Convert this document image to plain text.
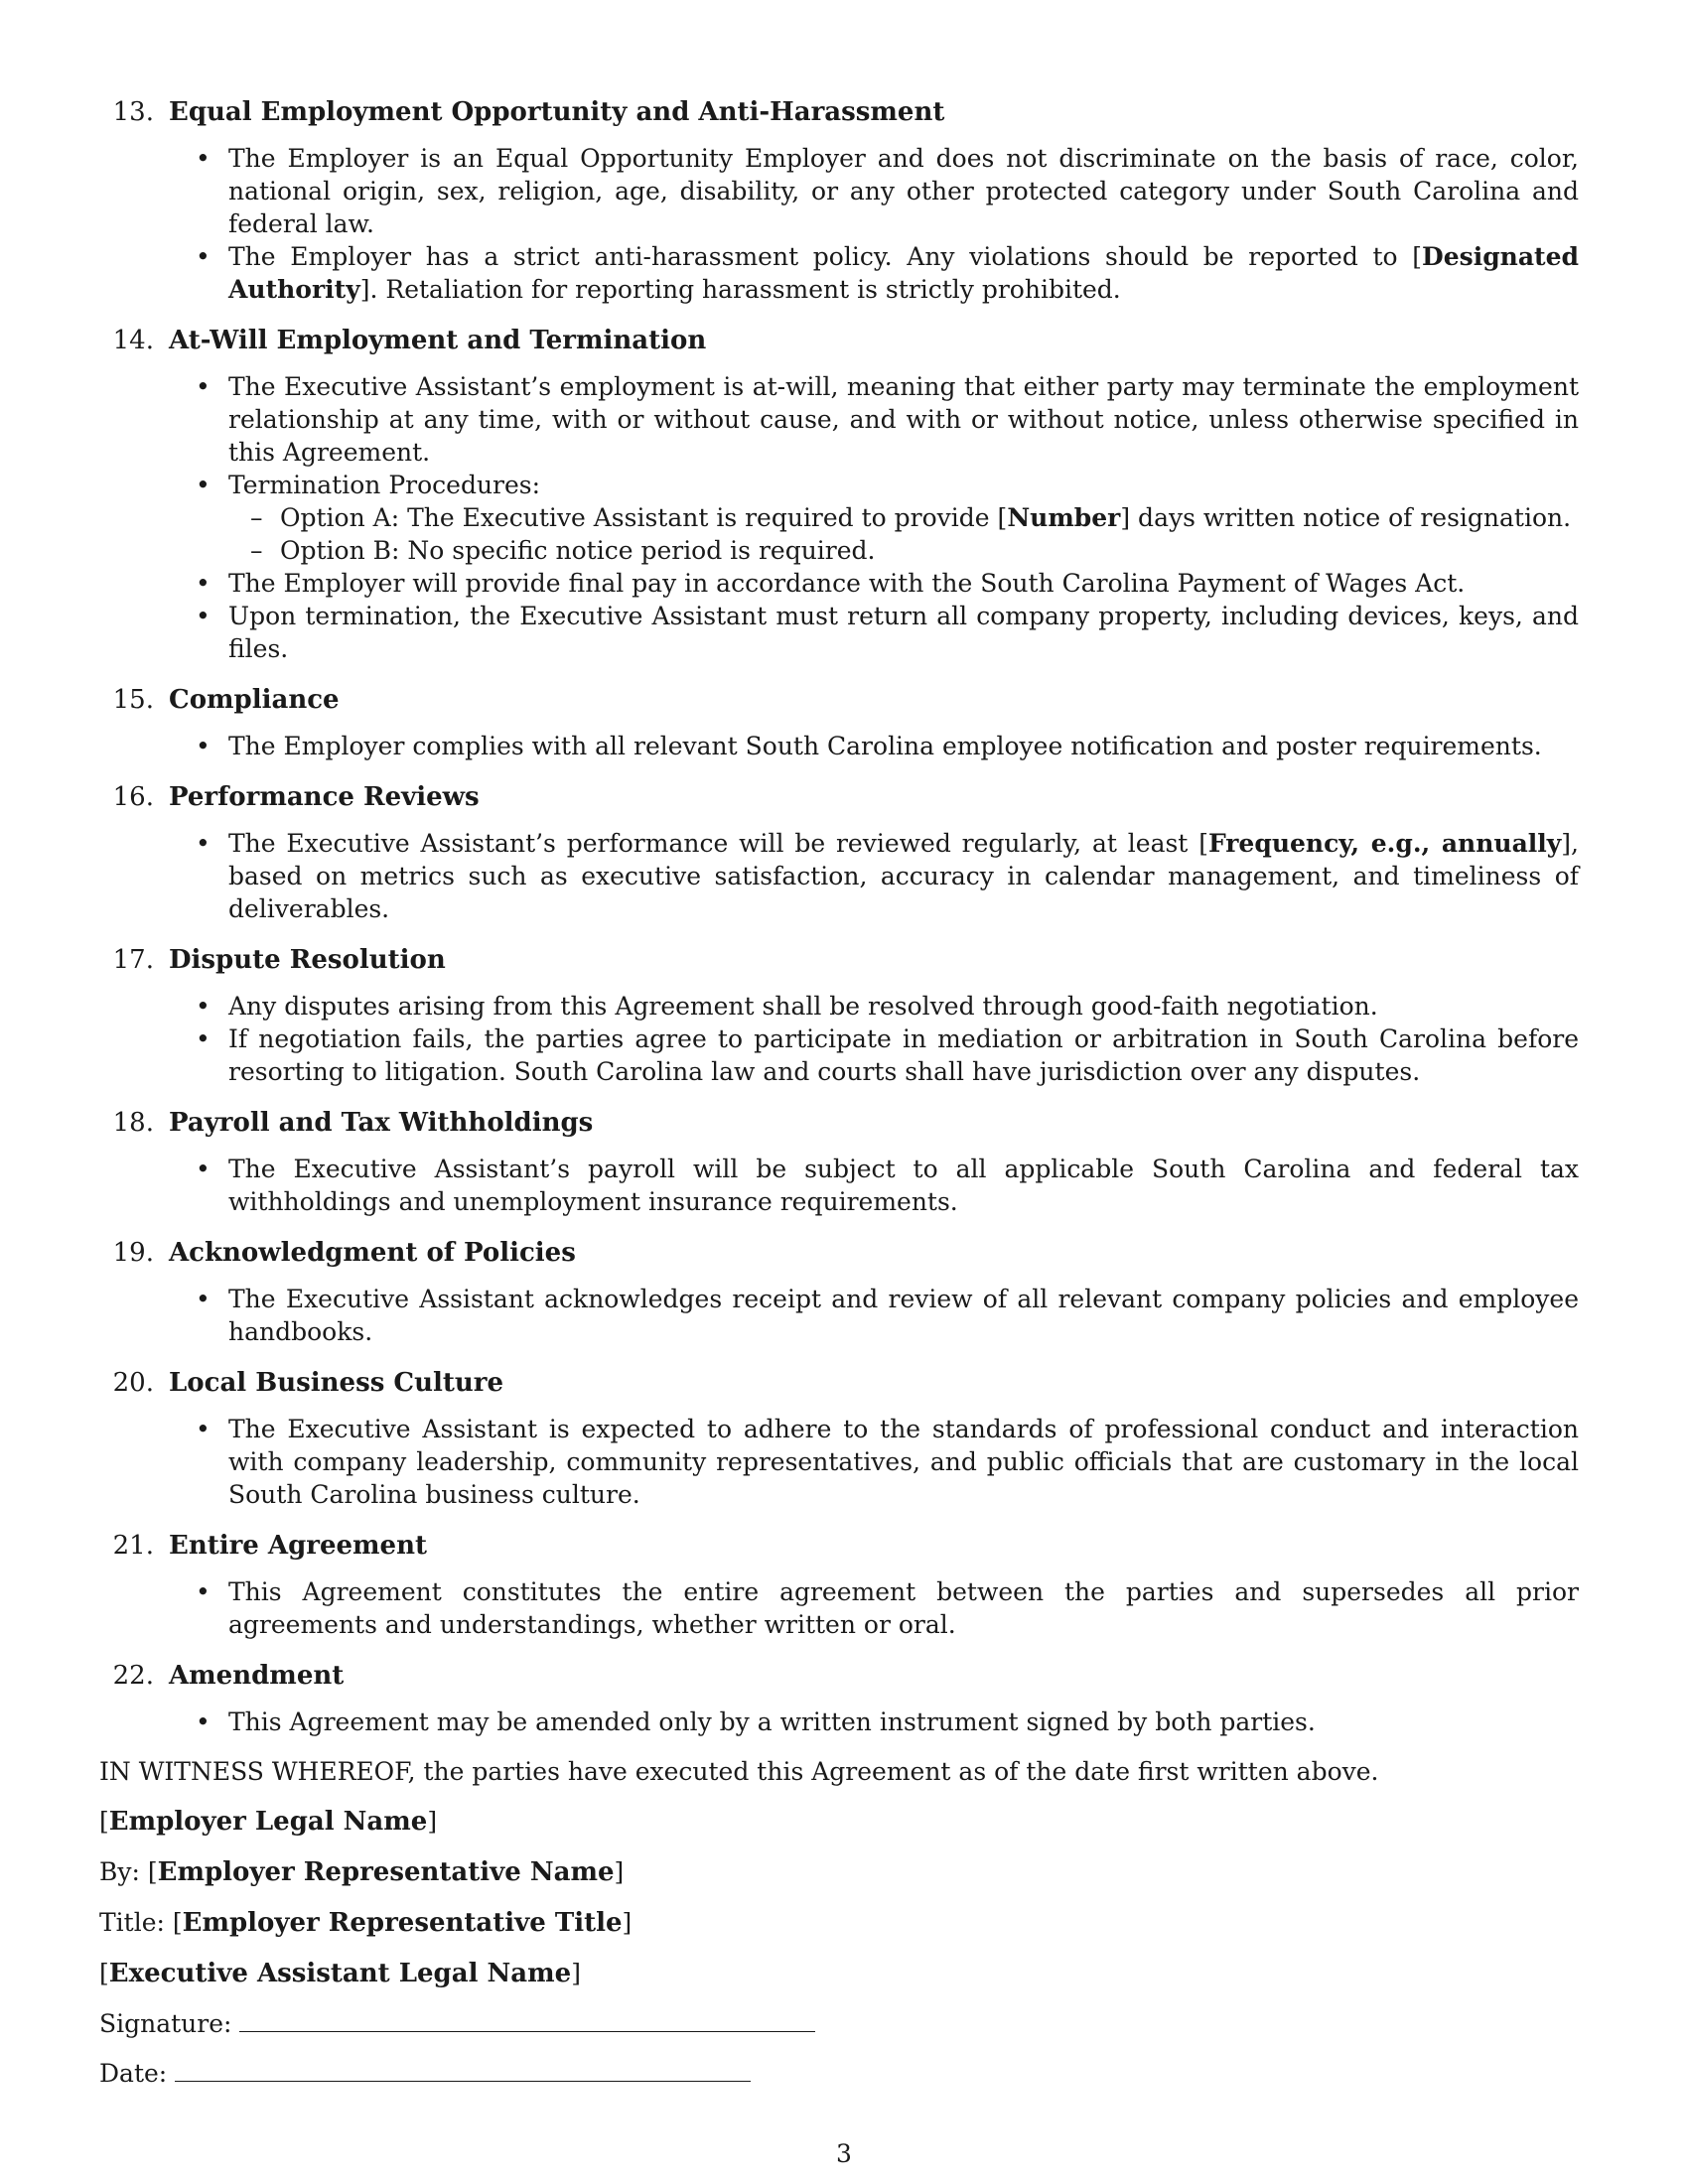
13. Equal Employment Opportunity and Anti-Harassment
• The Employer is an Equal Opportunity Employer and does not discriminate on the basis of race, color, national origin, sex, religion, age, disability, or any other protected category under South Carolina and federal law.
• The Employer has a strict anti-harassment policy. Any violations should be reported to [Designated Authority]. Retaliation for reporting harassment is strictly prohibited.
14. At-Will Employment and Termination
• The Executive Assistant’s employment is at-will, meaning that either party may terminate the employment relationship at any time, with or without cause, and with or without notice, unless otherwise specified in this Agreement.
• Termination Procedures:
– Option A: The Executive Assistant is required to provide [Number] days written notice of resignation.
– Option B: No specific notice period is required.
• The Employer will provide final pay in accordance with the South Carolina Payment of Wages Act.
• Upon termination, the Executive Assistant must return all company property, including devices, keys, and files.
15. Compliance
• The Employer complies with all relevant South Carolina employee notification and poster requirements.
16. Performance Reviews
• The Executive Assistant’s performance will be reviewed regularly, at least [Frequency, e.g., annually], based on metrics such as executive satisfaction, accuracy in calendar management, and timeliness of deliverables.
17. Dispute Resolution
• Any disputes arising from this Agreement shall be resolved through good-faith negotiation.
• If negotiation fails, the parties agree to participate in mediation or arbitration in South Carolina before resorting to litigation. South Carolina law and courts shall have jurisdiction over any disputes.
18. Payroll and Tax Withholdings
• The Executive Assistant’s payroll will be subject to all applicable South Carolina and federal tax withholdings and unemployment insurance requirements.
19. Acknowledgment of Policies
• The Executive Assistant acknowledges receipt and review of all relevant company policies and employee handbooks.
20. Local Business Culture
• The Executive Assistant is expected to adhere to the standards of professional conduct and interaction with company leadership, community representatives, and public officials that are customary in the local South Carolina business culture.
21. Entire Agreement
• This Agreement constitutes the entire agreement between the parties and supersedes all prior agreements and understandings, whether written or oral.
22. Amendment
• This Agreement may be amended only by a written instrument signed by both parties.
IN WITNESS WHEREOF, the parties have executed this Agreement as of the date first written above.
[Employer Legal Name]
By: [Employer Representative Name]
Title: [Employer Representative Title]
[Executive Assistant Legal Name]
Signature:
Date:
3
